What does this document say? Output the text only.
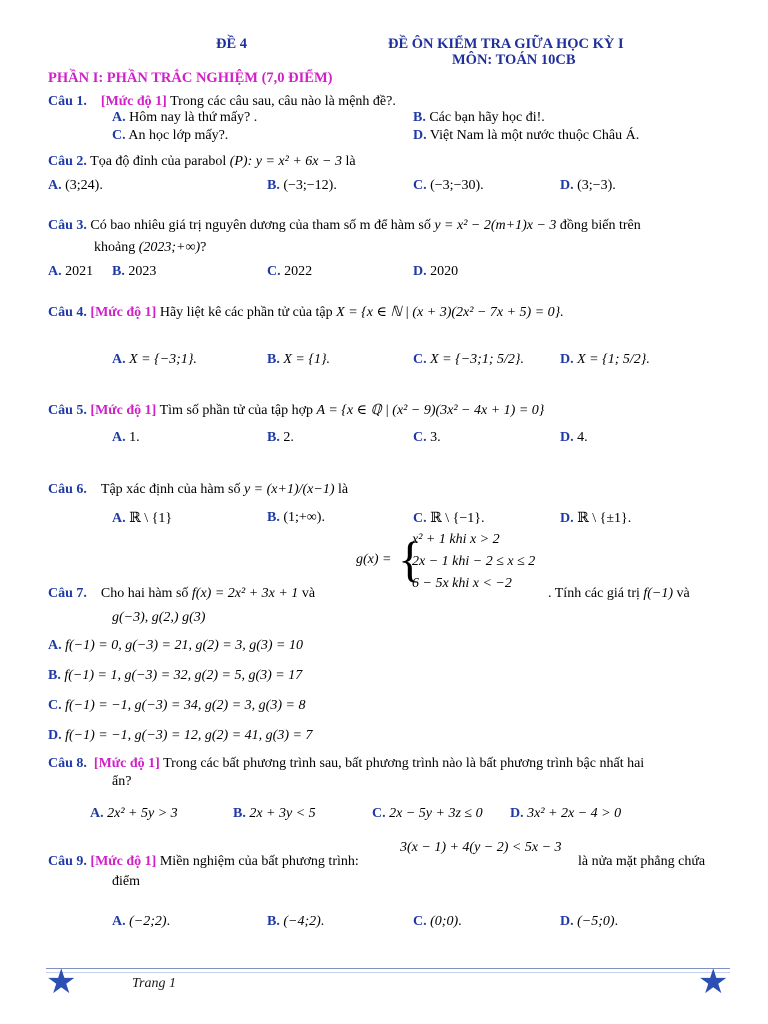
ĐỀ 4	ĐỀ ÔN KIỂM TRA GIỮA HỌC KỲ I
MÔN: TOÁN 10CB
PHẦN I: PHẦN TRẮC NGHIỆM (7,0 ĐIỂM)
Câu 1. [Mức độ 1] Trong các câu sau, câu nào là mệnh đề?.
A. Hôm nay là thứ mấy? .	B. Các bạn hãy học đi!.
C. An học lớp mấy?.	D. Việt Nam là một nước thuộc Châu Á.
Câu 2. Tọa độ đỉnh của parabol (P): y = x² + 6x − 3 là
A. (3;24).	B. (−3;−12).	C. (−3;−30).	D. (3;−3).
Câu 3. Có bao nhiêu giá trị nguyên dương của tham số m để hàm số y = x² − 2(m+1)x − 3 đồng biến trên
khoảng (2023;+∞)?
A. 2021 B. 2023	C. 2022	D. 2020
Câu 4. [Mức độ 1] Hãy liệt kê các phần tử của tập X = {x ∈ ℕ | (x + 3)(2x² − 7x + 5) = 0}.
A. X = {−3;1}.	B. X = {1}.	C. X = {−3;1; 5/2}.	D. X = {1; 5/2}.
Câu 5. [Mức độ 1] Tìm số phần tử của tập hợp A = {x ∈ ℚ | (x² − 9)(3x² − 4x + 1) = 0}
A. 1.	B. 2.	C. 3.	D. 4.
Câu 6. Tập xác định của hàm số y = (x+1)/(x−1) là
A. ℝ \ {1}	B. (1;+∞).	C. ℝ \ {−1}.	D. ℝ \ {±1}.
g(x) = {
x² + 1 khi x > 2
2x − 1 khi − 2 ≤ x ≤ 2
6 − 5x khi x < −2
Câu 7. Cho hai hàm số f(x) = 2x² + 3x + 1 và	. Tính các giá trị f(−1) và
g(−3), g(2,) g(3)
A. f(−1) = 0, g(−3) = 21, g(2) = 3, g(3) = 10
B. f(−1) = 1, g(−3) = 32, g(2) = 5, g(3) = 17
C. f(−1) = −1, g(−3) = 34, g(2) = 3, g(3) = 8
D. f(−1) = −1, g(−3) = 12, g(2) = 41, g(3) = 7
Câu 8. [Mức độ 1] Trong các bất phương trình sau, bất phương trình nào là bất phương trình bậc nhất hai
ẩn?
A. 2x² + 5y > 3	B. 2x + 3y < 5	C. 2x − 5y + 3z ≤ 0 D. 3x² + 2x − 4 > 0
Câu 9. [Mức độ 1] Miền nghiệm của bất phương trình:
3(x − 1) + 4(y − 2) < 5x − 3
là nửa mặt phẳng chứa
điểm
A. (−2;2).	B. (−4;2).	C. (0;0).	D. (−5;0).
★	Trang 1	★
